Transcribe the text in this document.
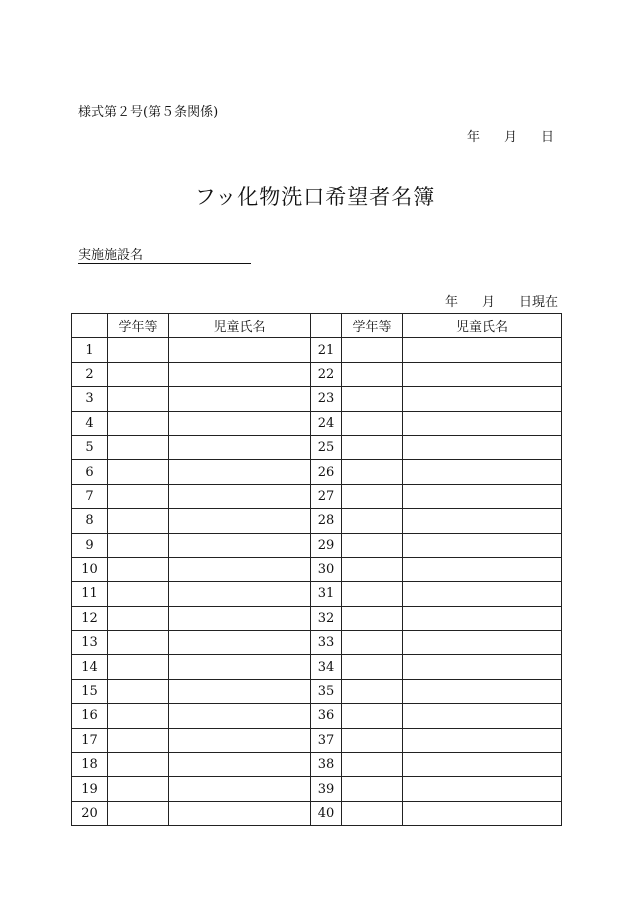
様式第２号(第５条関係)
年 月 日
フッ化物洗口希望者名簿
実施施設名
年 月 日現在
	学年等	児童氏名		学年等	児童氏名
1			21		
2			22		
3			23		
4			24		
5			25		
6			26		
7			27		
8			28		
9			29		
10			30		
11			31		
12			32		
13			33		
14			34		
15			35		
16			36		
17			37		
18			38		
19			39		
20			40		
